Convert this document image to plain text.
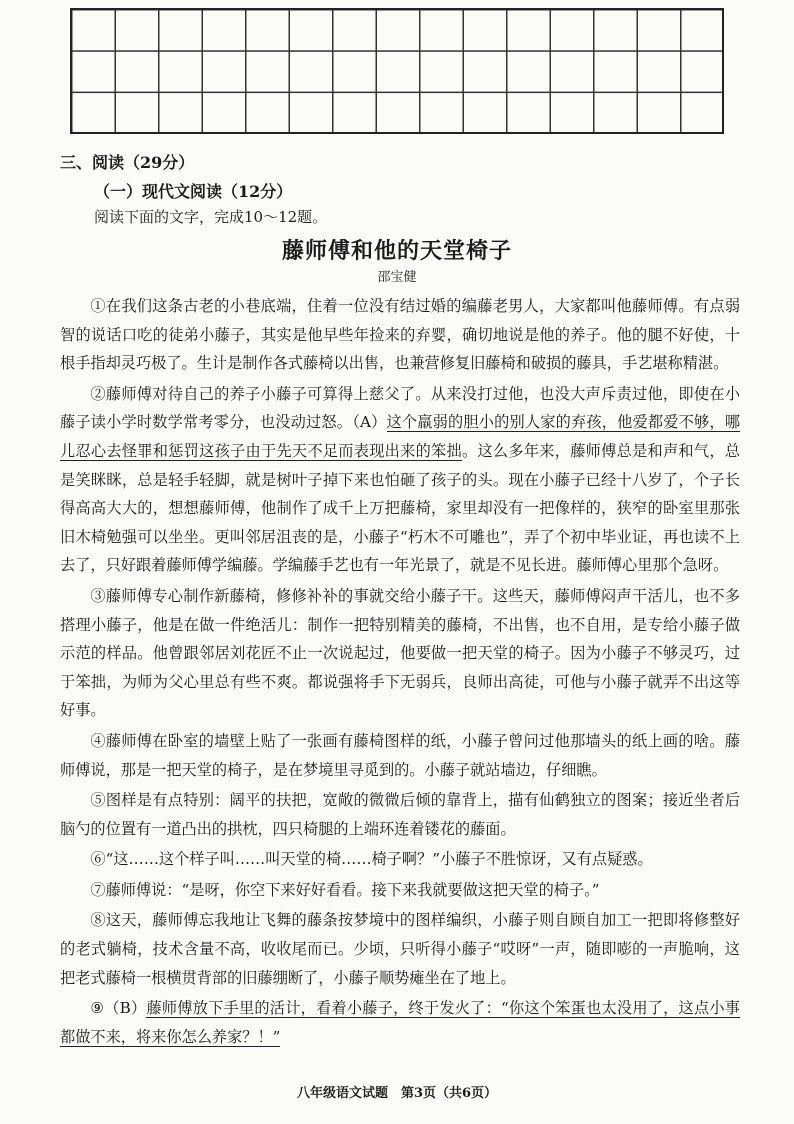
三、阅读（29分）
（一）现代文阅读（12分）
阅读下面的文字，完成10～12题。
藤师傅和他的天堂椅子
邵宝健

①在我们这条古老的小巷底端，住着一位没有结过婚的编藤老男人，大家都叫他藤师傅。有点弱智的说话口吃的徒弟小藤子，其实是他早些年捡来的弃婴，确切地说是他的养子。他的腿不好使，十根手指却灵巧极了。生计是制作各式藤椅以出售，也兼营修复旧藤椅和破损的藤具，手艺堪称精湛。

②藤师傅对待自己的养子小藤子可算得上慈父了。从来没打过他，也没大声斥责过他，即使在小藤子读小学时数学常考零分，也没动过怒。（A）这个羸弱的胆小的别人家的弃孩，他爱都爱不够，哪儿忍心去怪罪和惩罚这孩子由于先天不足而表现出来的笨拙。这么多年来，藤师傅总是和声和气，总是笑眯眯，总是轻手轻脚，就是树叶子掉下来也怕砸了孩子的头。现在小藤子已经十八岁了，个子长得高高大大的，想想藤师傅，他制作了成千上万把藤椅，家里却没有一把像样的，狭窄的卧室里那张旧木椅勉强可以坐坐。更叫邻居沮丧的是，小藤子“朽木不可雕也”，弄了个初中毕业证，再也读不上去了，只好跟着藤师傅学编藤。学编藤手艺也有一年光景了，就是不见长进。藤师傅心里那个急呀。

③藤师傅专心制作新藤椅，修修补补的事就交给小藤子干。这些天，藤师傅闷声干活儿，也不多搭理小藤子，他是在做一件绝活儿：制作一把特别精美的藤椅，不出售，也不自用，是专给小藤子做示范的样品。他曾跟邻居刘花匠不止一次说起过，他要做一把天堂的椅子。因为小藤子不够灵巧，过于笨拙，为师为父心里总有些不爽。都说强将手下无弱兵，良师出高徒，可他与小藤子就弄不出这等好事。

④藤师傅在卧室的墙壁上贴了一张画有藤椅图样的纸，小藤子曾问过他那墙头的纸上画的啥。藤师傅说，那是一把天堂的椅子，是在梦境里寻觅到的。小藤子就站墙边，仔细瞧。

⑤图样是有点特别：阔平的扶把，宽敞的微微后倾的靠背上，描有仙鹤独立的图案；接近坐者后脑勺的位置有一道凸出的拱枕，四只椅腿的上端环连着镂花的藤面。

⑥“这……这个样子叫……叫天堂的椅……椅子啊？”小藤子不胜惊讶，又有点疑惑。

⑦藤师傅说：“是呀，你空下来好好看看。接下来我就要做这把天堂的椅子。”

⑧这天，藤师傅忘我地让飞舞的藤条按梦境中的图样编织，小藤子则自顾自加工一把即将修整好的老式躺椅，技术含量不高，收收尾而已。少顷，只听得小藤子“哎呀”一声，随即嘭的一声脆响，这把老式藤椅一根横贯背部的旧藤绷断了，小藤子顺势瘫坐在了地上。

⑨（B）藤师傅放下手里的活计，看着小藤子，终于发火了：“你这个笨蛋也太没用了，这点小事都做不来，将来你怎么养家？！”

八年级语文试题　第3页（共6页）
